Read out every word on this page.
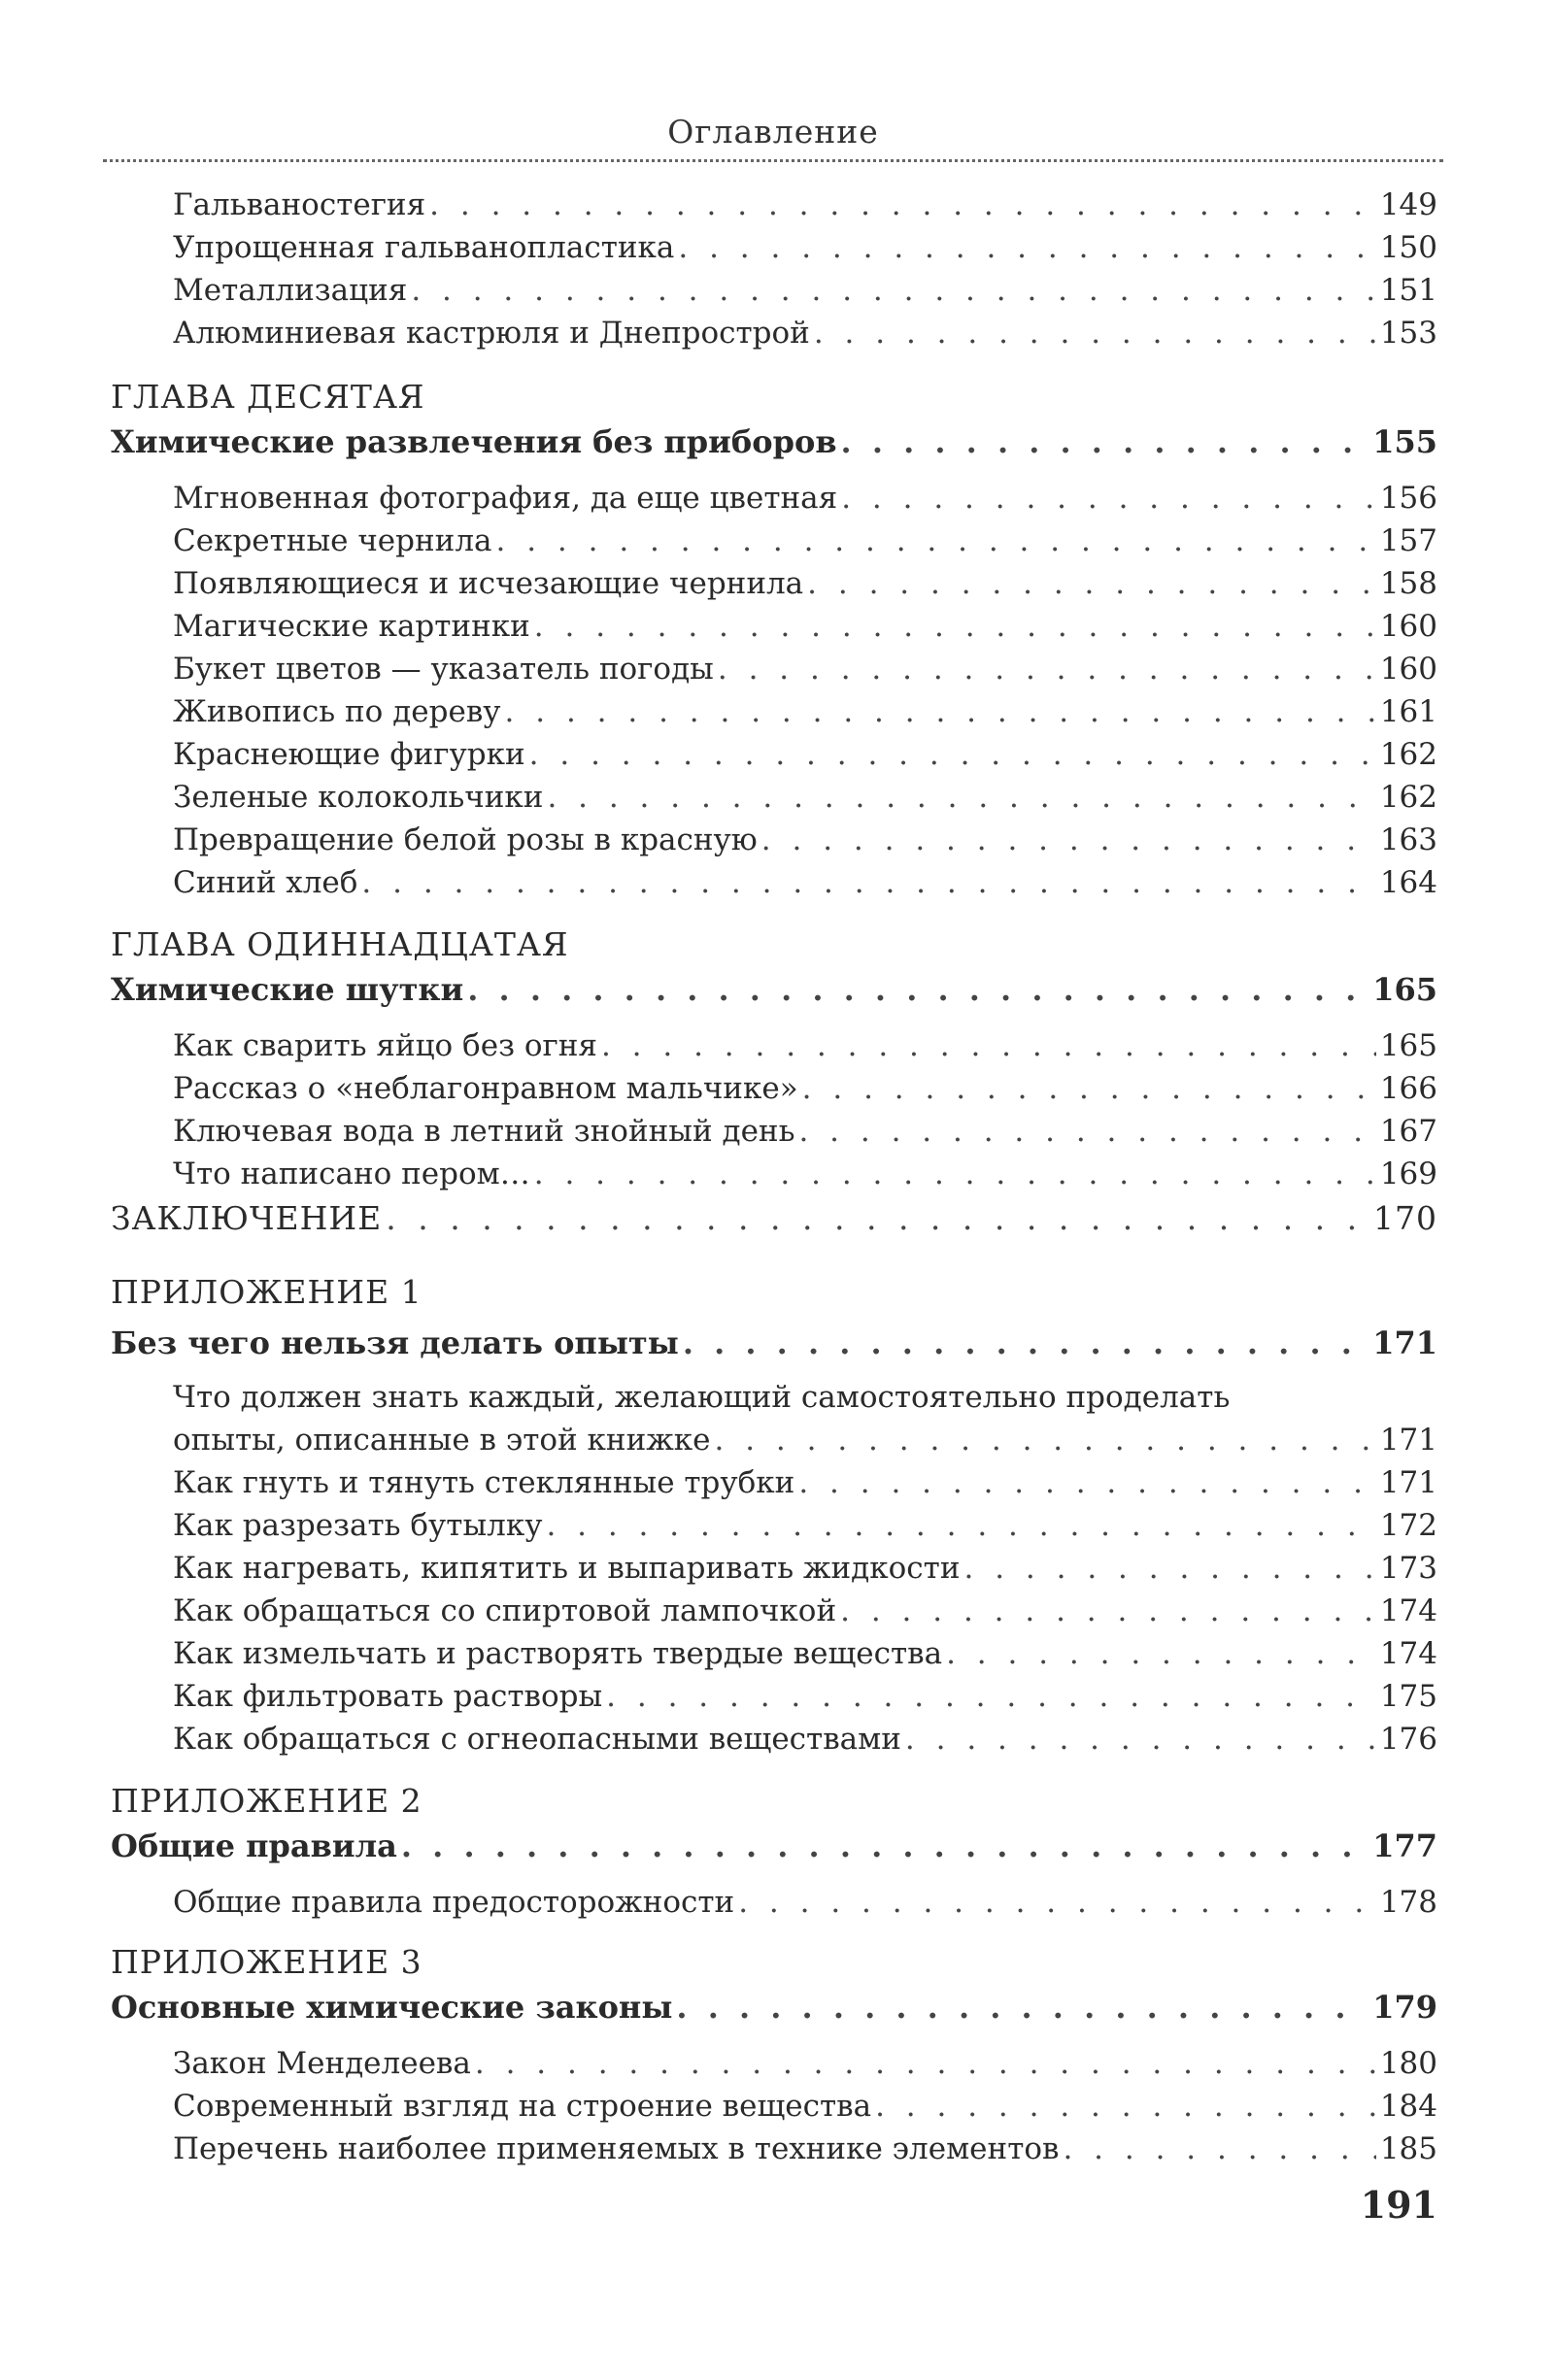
Оглавление
Гальваностегия . . .	149
Упрощенная гальванопластика . . .	150
Металлизация . . .	151
Алюминиевая кастрюля и Днепрострой . . .	153
ГЛАВА ДЕСЯТАЯ
Химические развлечения без приборов . . .	155
Мгновенная фотография, да еще цветная . . .	156
Секретные чернила . . .	157
Появляющиеся и исчезающие чернила . . .	158
Магические картинки . . .	160
Букет цветов — указатель погоды . . .	160
Живопись по дереву . . .	161
Краснеющие фигурки . . .	162
Зеленые колокольчики . . .	162
Превращение белой розы в красную . . .	163
Синий хлеб . . .	164
ГЛАВА ОДИННАДЦАТАЯ
Химические шутки . . .	165
Как сварить яйцо без огня . . .	165
Рассказ о «неблагонравном мальчике» . . .	166
Ключевая вода в летний знойный день . . .	167
Что написано пером… . . .	169
ЗАКЛЮЧЕНИЕ . . .	170
ПРИЛОЖЕНИЕ 1
Без чего нельзя делать опыты . . .	171
Что должен знать каждый, желающий самостоятельно проделать
опыты, описанные в этой книжке . . .	171
Как гнуть и тянуть стеклянные трубки . . .	171
Как разрезать бутылку . . .	172
Как нагревать, кипятить и выпаривать жидкости . . .	173
Как обращаться со спиртовой лампочкой . . .	174
Как измельчать и растворять твердые вещества . . .	174
Как фильтровать растворы . . .	175
Как обращаться с огнеопасными веществами . . .	176
ПРИЛОЖЕНИЕ 2
Общие правила . . .	177
Общие правила предосторожности . . .	178
ПРИЛОЖЕНИЕ 3
Основные химические законы . . .	179
Закон Менделеева . . .	180
Современный взгляд на строение вещества . . .	184
Перечень наиболее применяемых в технике элементов . . .	185
191
